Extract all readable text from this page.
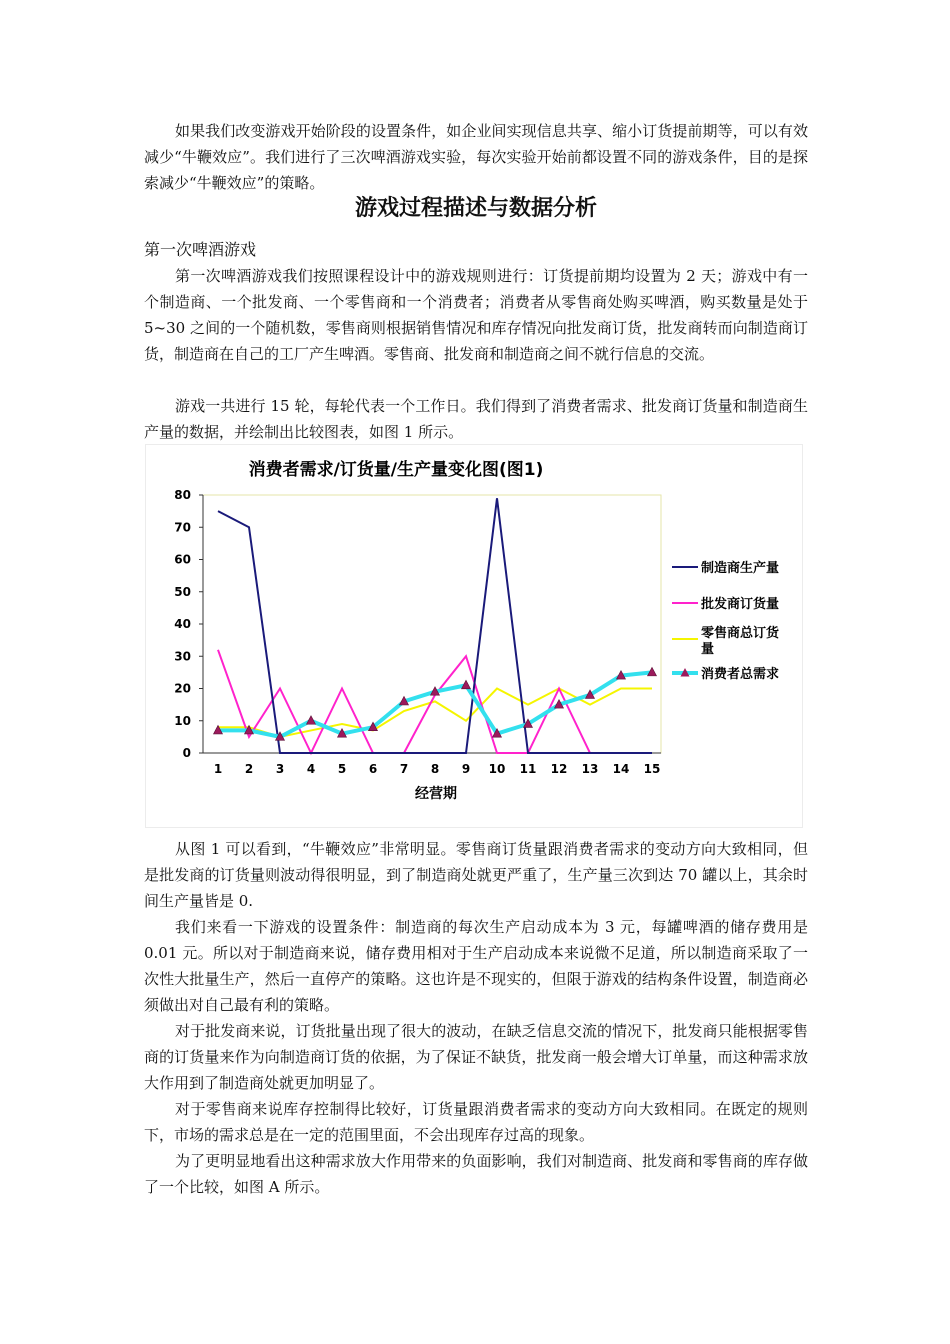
如果我们改变游戏开始阶段的设置条件，如企业间实现信息共享、缩小订货提前期等，可以有效减少“牛鞭效应”。我们进行了三次啤酒游戏实验，每次实验开始前都设置不同的游戏条件，目的是探索减少“牛鞭效应”的策略。

游戏过程描述与数据分析

第一次啤酒游戏

第一次啤酒游戏我们按照课程设计中的游戏规则进行：订货提前期均设置为 2 天；游戏中有一个制造商、一个批发商、一个零售商和一个消费者；消费者从零售商处购买啤酒，购买数量是处于 5~30 之间的一个随机数，零售商则根据销售情况和库存情况向批发商订货，批发商转而向制造商订货，制造商在自己的工厂产生啤酒。零售商、批发商和制造商之间不就行信息的交流。

游戏一共进行 15 轮，每轮代表一个工作日。我们得到了消费者需求、批发商订货量和制造商生产量的数据，并绘制出比较图表，如图 1 所示。

消费者需求/订货量/生产量变化图(图1)
0
10
20
30
40
50
60
70
80
1 2 3 4 5 6 7 8 9 10 11 12 13 14 15
制造商生产量
批发商订货量
零售商总订货
量
消费者总需求
经营期

从图 1 可以看到，“牛鞭效应”非常明显。零售商订货量跟消费者需求的变动方向大致相同，但是批发商的订货量则波动得很明显，到了制造商处就更严重了，生产量三次到达 70 罐以上，其余时间生产量皆是 0.

我们来看一下游戏的设置条件：制造商的每次生产启动成本为 3 元，每罐啤酒的储存费用是 0.01 元。所以对于制造商来说，储存费用相对于生产启动成本来说微不足道，所以制造商采取了一次性大批量生产，然后一直停产的策略。这也许是不现实的，但限于游戏的结构条件设置，制造商必须做出对自己最有利的策略。

对于批发商来说，订货批量出现了很大的波动，在缺乏信息交流的情况下，批发商只能根据零售商的订货量来作为向制造商订货的依据，为了保证不缺货，批发商一般会增大订单量，而这种需求放大作用到了制造商处就更加明显了。

对于零售商来说库存控制得比较好，订货量跟消费者需求的变动方向大致相同。在既定的规则下，市场的需求总是在一定的范围里面，不会出现库存过高的现象。

为了更明显地看出这种需求放大作用带来的负面影响，我们对制造商、批发商和零售商的库存做了一个比较，如图 A 所示。
